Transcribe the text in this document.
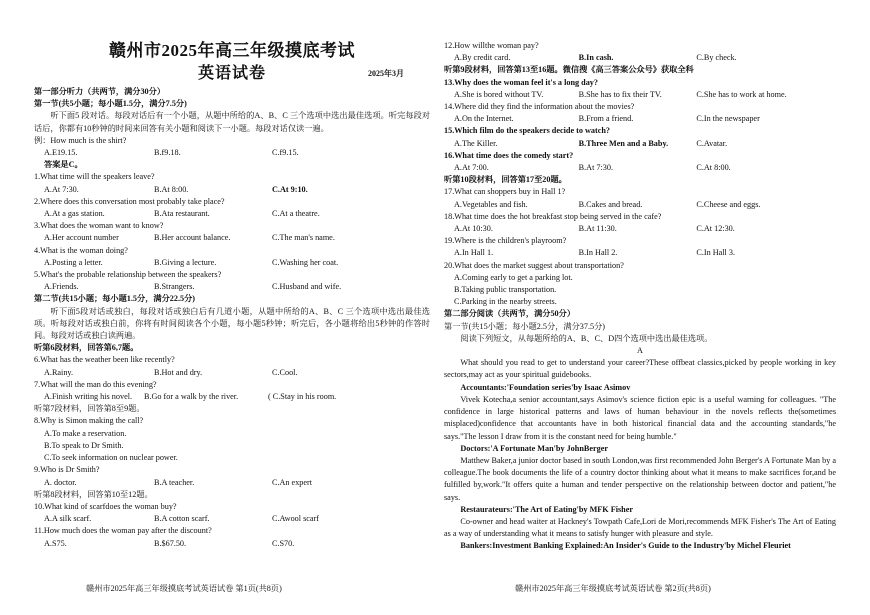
赣州市2025年高三年级摸底考试
英语试卷	2025年3月

第一部分听力（共两节，满分30分）

第一节(共5小题；每小题1.5分，满分7.5分)

听下面5 段对话。每段对话后有一个小题，从题中所给的A、B、C 三个选项中选出最佳选项。听完每段对话后，你都有10秒钟的时间来回答有关小题和阅读下一小题。每段对话仅读一遍。

例：How much is the shirt?

A.E19.15.	B.f9.18.	C.f9.15.

答案是C。

1.What time will the speakers leave?

A.At 7:30.	B.At 8:00.	C.At 9:10.

2.Where does this conversation most probably take place?

A.At a gas station.	B.Ata restaurant.	C.At a theatre.

3.What does the woman want to know?

A.Her account number	B.Her account balance.	C.The man's name.

4.What is the woman doing?

A.Posting a letter.	B.Giving a lecture.	C.Washing her coat.

5.What's the probable relationship between the speakers?

A.Friends.	B.Strangers.	C.Husband and wife.

第二节(共15小题；每小题1.5分，满分22.5分)

听下面5段对话或独白，每段对话或独白后有几道小题，从题中所给的A、B、C 三个选项中选出最佳选项。听每段对话或独白前，你将有时间阅读各个小题，每小题5秒钟；听完后，各小题将给出5秒钟的作答时间。每段对话或独白读两遍。

听第6段材料，回答第6,7题。

6.What has the weather been like recently?

A.Rainy.	B.Hot and dry.	C.Cool.

7.What will the man do this evening?

A.Finish writing his novel.	B.Go for a walk by the river.	( C.Stay in his room.

听第7段材料，回答第8至9题。

8.Why is Simon making the call?

A.To make a reservation.

B.To speak to Dr Smith.

C.To seek information on nuclear power.

9.Who is Dr Smith?

A. doctor.	B.A teacher.	C.An expert

听第8段材料，回答第10至12题。

10.What kind of scarfdoes the woman buy?

A.A silk scarf.	B.A cotton scarf.	C.Awool scarf

11.How much does the woman pay after the discount?

A.S75.	B.$67.50.	C.S70.

12.How willthe woman pay?

A.By credit card.	B.In cash.	C.By check.

听第9段材料，回答第13至16题。微信搜《高三答案公众号》获取全科

13.Why does the woman feel it's a long day?

A.She is bored without TV.	B.She has to fix their TV.	C.She has to work at home.

14.Where did they find the information about the movies?

A.On the Internet.	B.From a friend.	C.In the newspaper

15.Which film do the speakers decide to watch?

A.The Killer.	B.Three Men and a Baby.	C.Avatar.

16.What time does the comedy start?

A.At 7:00.	B.At 7:30.	C.At 8:00.

听第10段材料，回答第17至20题。

17.What can shoppers buy in Hall 1?

A.Vegetables and fish.	B.Cakes and bread.	C.Cheese and eggs.

18.What time does the hot breakfast stop being served in the cafe?

A.At 10:30.	B.At 11:30.	C.At 12:30.

19.Where is the children's playroom?

A.In Hall 1.	B.In Hall 2.	C.In Hall 3.

20.What does the market suggest about transportation?

A.Coming early to get a parking lot.

B.Taking public transportation.

C.Parking in the nearby streets.

第二部分阅读（共两节，满分50分）

第一节(共15小题；每小题2.5分，满分37.5分)

阅读下列短文，从每题所给的A、B、C、D四个选项中选出最佳选项。

A

What should you read to get to understand your career?These offbeat classics,picked by people working in key sectors,may act as your spiritual guidebooks.

Accountants:'Foundation series'by Isaac Asimov

Vivek Kotecha,a senior accountant,says Asimov's science fiction epic is a useful warning for colleagues. "The confidence in large historical patterns and laws of human behaviour in the novels reflects the(sometimes misplaced)confidence that accountants have in both historical financial data and the accounting standards,"he says."The lesson I draw from it is the constant need for being humble."

Doctors:'A Fortunate Man'by JohnBerger

Matthew Baker,a junior doctor based in south London,was first recommended John Berger's A Fortunate Man by a colleague.The book documents the life of a country doctor thinking about what it means to make sacrifices for,and be fulfilled by,work."It offers quite a human and tender perspective on the relationship between doctor and patient,"he says.

Restaurateurs:'The Art of Eating'by MFK Fisher

Co-owner and head waiter at Hackney's Towpath Cafe,Lori de Mori,recommends MFK Fisher's The Art of Eating as a way of understanding what it means to satisfy hunger with pleasure and style.

Bankers:Investment Banking Explained:An Insider's Guide to the Industry'by Michel Fleuriet

赣州市2025年高三年级摸底考试英语试卷 第1页(共8页)	赣州市2025年高三年级摸底考试英语试卷 第2页(共8页)
